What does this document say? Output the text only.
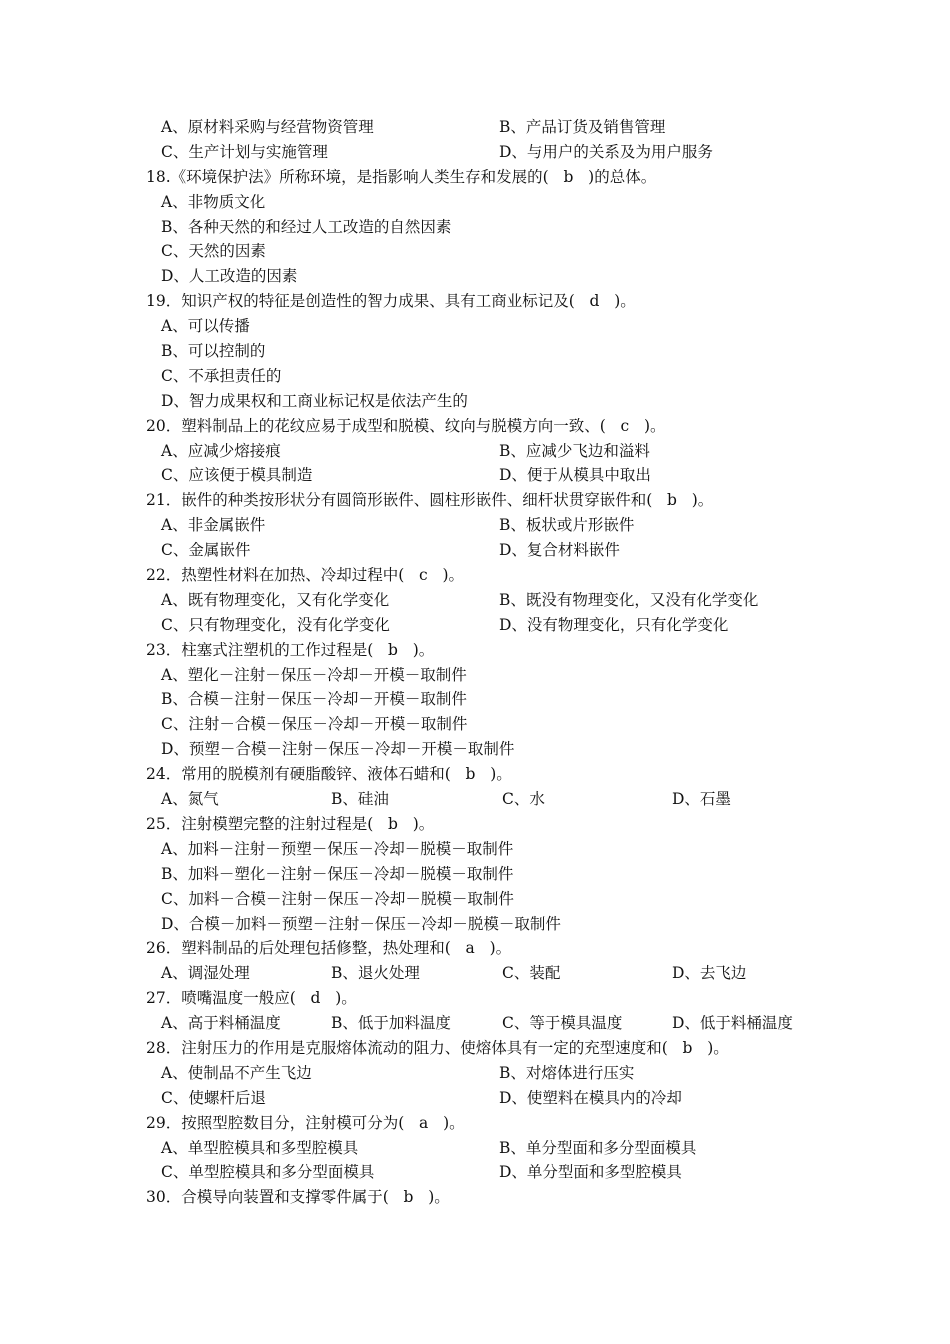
A、原材料采购与经营物资管理	B、产品订货及销售管理
C、生产计划与实施管理	D、与用户的关系及为用户服务
18.《环境保护法》所称环境，是指影响人类生存和发展的(   b   )的总体。
A、非物质文化
B、各种天然的和经过人工改造的自然因素
C、天然的因素
D、人工改造的因素
19．知识产权的特征是创造性的智力成果、具有工商业标记及(   d   )。
A、可以传播
B、可以控制的
C、不承担责任的
D、智力成果权和工商业标记权是依法产生的
20．塑料制品上的花纹应易于成型和脱模、纹向与脱模方向一致、(   c   )。
A、应减少熔接痕	B、应减少飞边和溢料
C、应该便于模具制造	D、便于从模具中取出
21．嵌件的种类按形状分有圆筒形嵌件、圆柱形嵌件、细杆状贯穿嵌件和(   b   )。
A、非金属嵌件	B、板状或片形嵌件
C、金属嵌件	D、复合材料嵌件
22．热塑性材料在加热、冷却过程中(   c   )。
A、既有物理变化，又有化学变化	B、既没有物理变化，又没有化学变化
C、只有物理变化，没有化学变化	D、没有物理变化，只有化学变化
23．柱塞式注塑机的工作过程是(   b   )。
A、塑化－注射－保压－冷却－开模－取制件
B、合模－注射－保压－冷却－开模－取制件
C、注射－合模－保压－冷却－开模－取制件
D、预塑－合模－注射－保压－冷却－开模－取制件
24．常用的脱模剂有硬脂酸锌、液体石蜡和(   b   )。
A、氮气	B、硅油	C、水	D、石墨
25．注射模塑完整的注射过程是(   b   )。
A、加料－注射－预塑－保压－冷却－脱模－取制件
B、加料－塑化－注射－保压－冷却－脱模－取制件
C、加料－合模－注射－保压－冷却－脱模－取制件
D、合模－加料－预塑－注射－保压－冷却－脱模－取制件
26．塑料制品的后处理包括修整，热处理和(   a   )。
A、调湿处理	B、退火处理	C、装配	D、去飞边
27．喷嘴温度一般应(   d   )。
A、高于料桶温度	B、低于加料温度	C、等于模具温度	D、低于料桶温度
28．注射压力的作用是克服熔体流动的阻力、使熔体具有一定的充型速度和(   b   )。
A、使制品不产生飞边	B、对熔体进行压实
C、使螺杆后退	D、使塑料在模具内的冷却
29．按照型腔数目分，注射模可分为(   a   )。
A、单型腔模具和多型腔模具	B、单分型面和多分型面模具
C、单型腔模具和多分型面模具	D、单分型面和多型腔模具
30．合模导向装置和支撑零件属于(   b   )。
